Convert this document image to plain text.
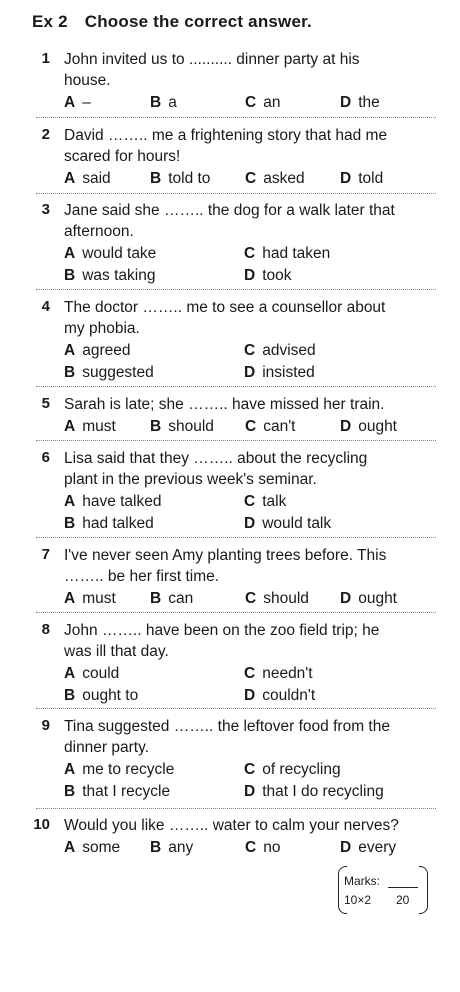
Ex 2 Choose the correct answer.
1 John invited us to .......... dinner party at his
house.
A –	B a	C an	D the
2 David …….. me a frightening story that had me
scared for hours!
A said	B told to C asked D told
3 Jane said she …….. the dog for a walk later that
afternoon.
A would take
B was taking
C had taken
D took
4 The doctor …….. me to see a counsellor about
my phobia.
A agreed
B suggested
C advised
D insisted
5 Sarah is late; she …….. have missed her train.
A must B should C can't	D ought
6 Lisa said that they …….. about the recycling
plant in the previous week's seminar.
A have talked
B had talked
C talk
D would talk
7 I've never seen Amy planting trees before. This
…….. be her first time.
A must B can	C should D ought
8 John …….. have been on the zoo field trip; he
was ill that day.
A could
B ought to
C needn't
D couldn't
9 Tina suggested …….. the leftover food from the
dinner party.
A me to recycle
B that I recycle
C of recycling
D that I do recycling
10 Would you like …….. water to calm your nerves?
A some B any	C no	D every
Marks:
10×2 20
